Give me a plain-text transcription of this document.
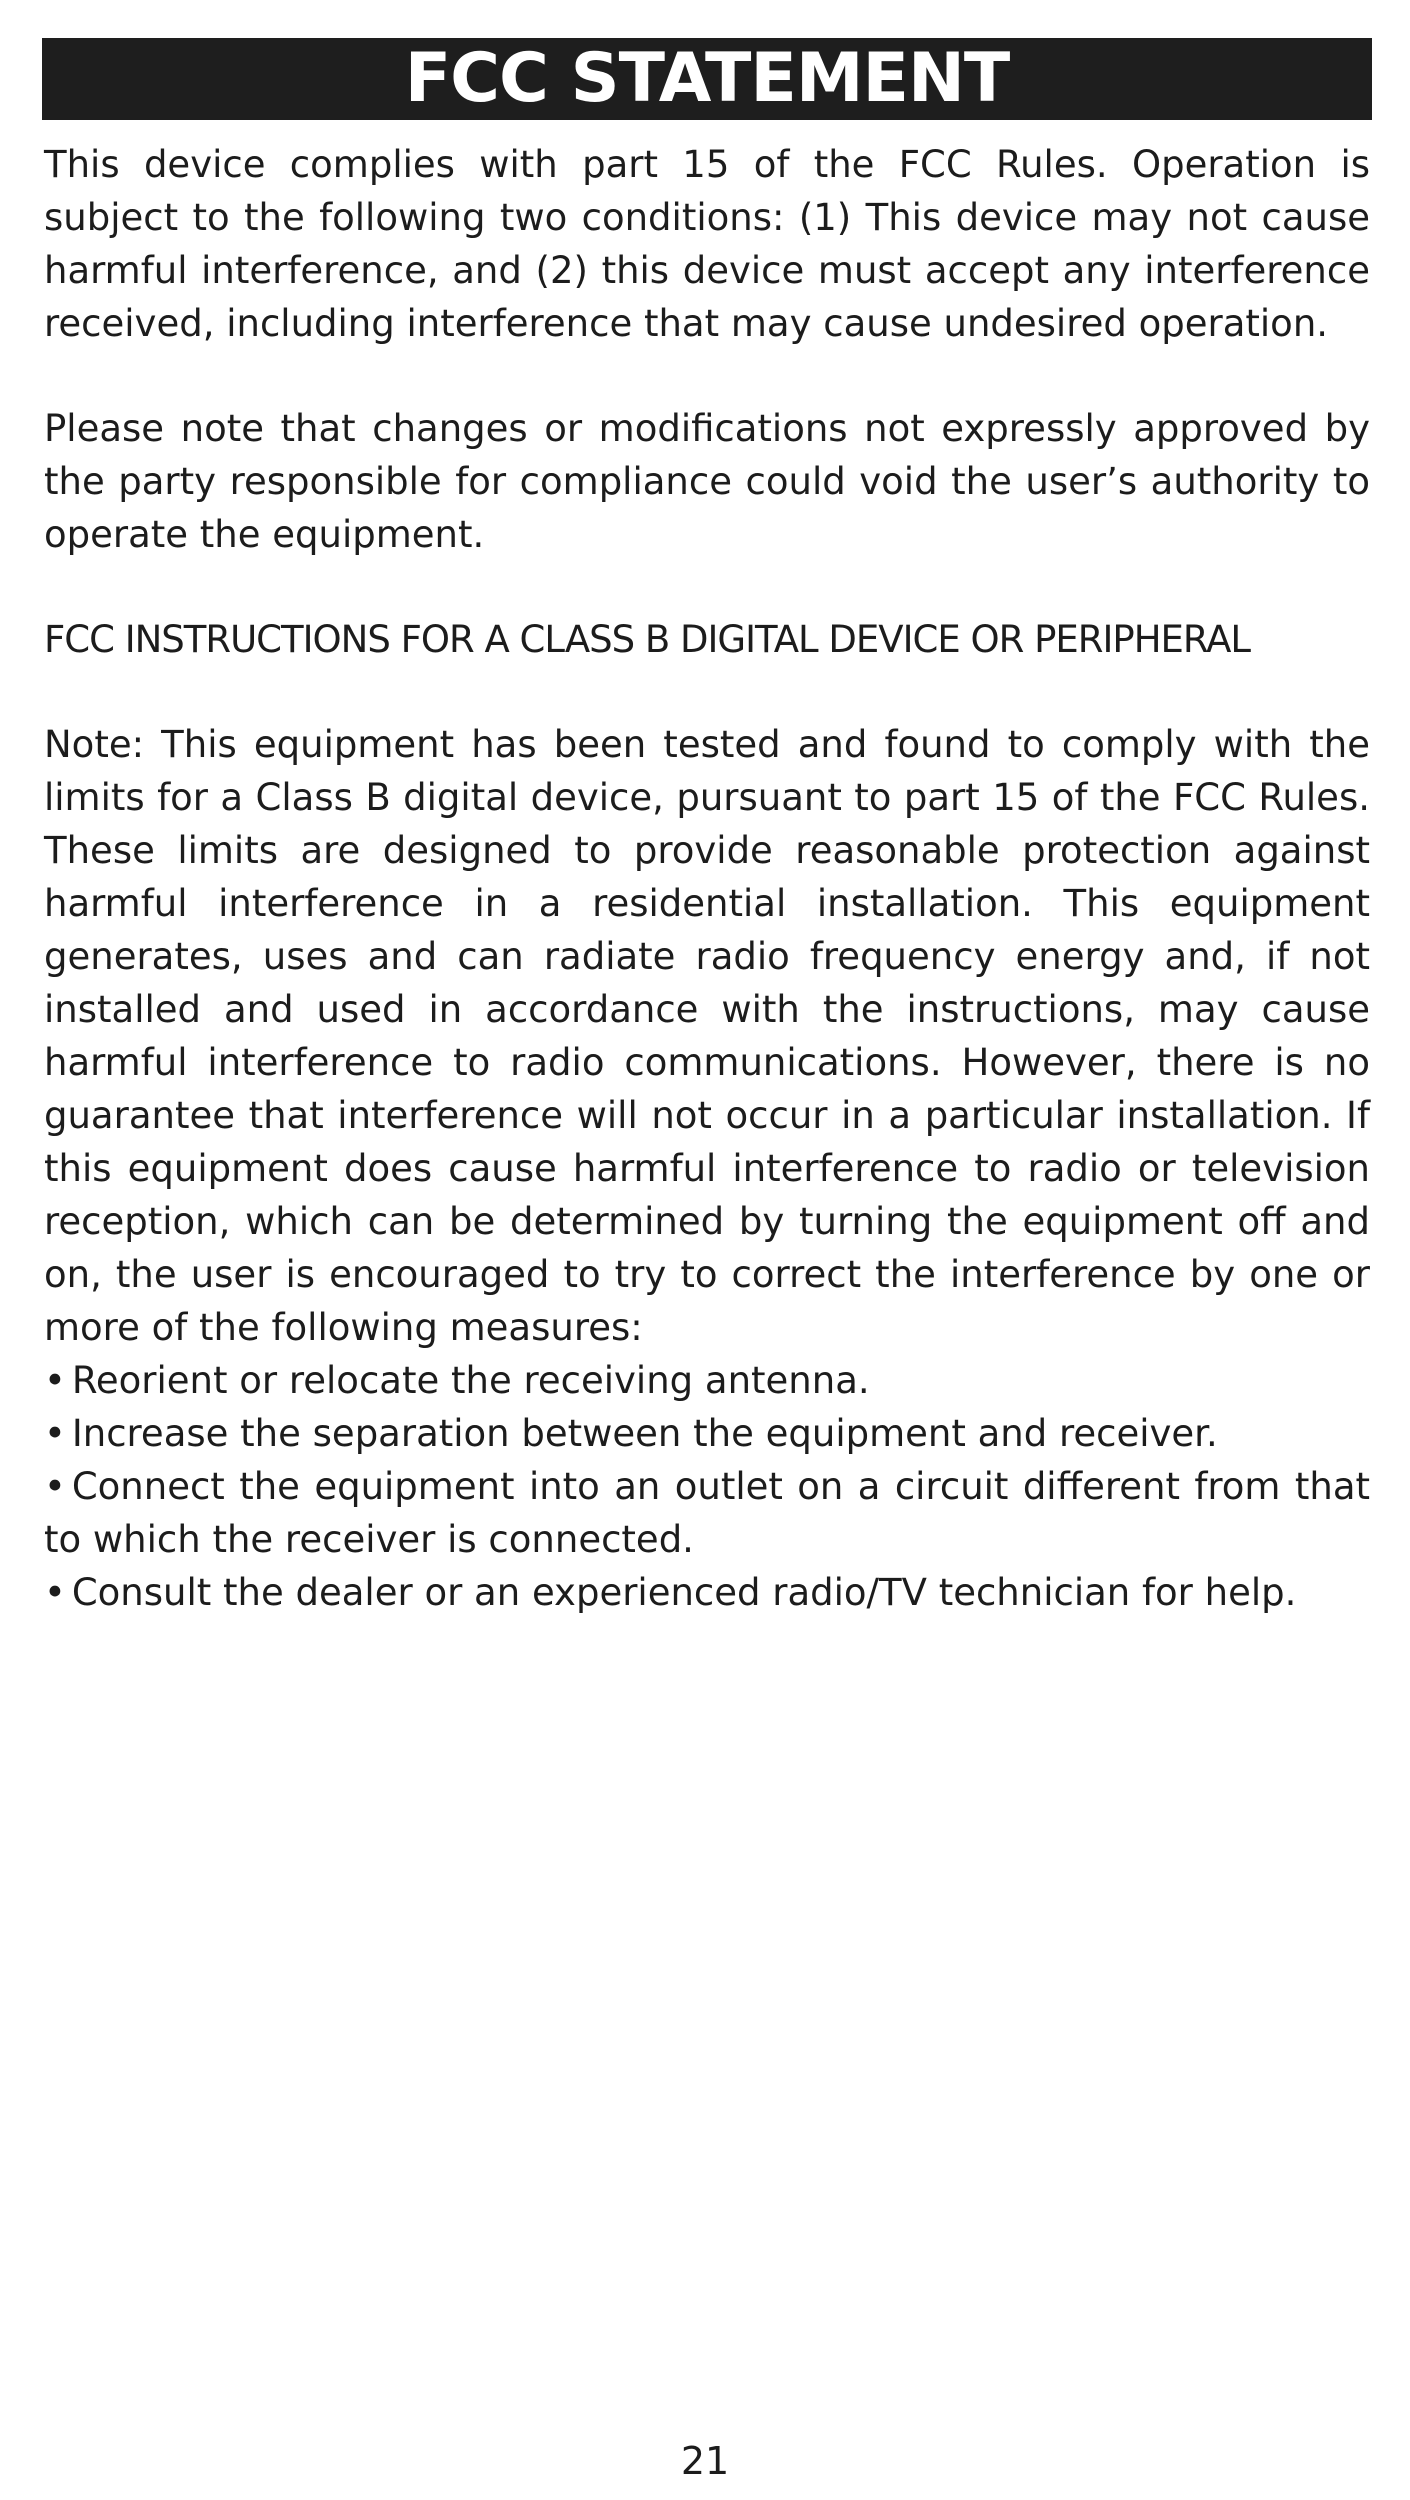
FCC STATEMENT

This device complies with part 15 of the FCC Rules. Operation is subject to the following two conditions: (1) This device may not cause harmful interference, and (2) this device must accept any interference received, including interference that may cause undesired operation.

Please note that changes or modifications not expressly approved by the party responsible for compliance could void the user’s authority to operate the equipment.

FCC INSTRUCTIONS FOR A CLASS B DIGITAL DEVICE OR PERIPHERAL

Note: This equipment has been tested and found to comply with the limits for a Class B digital device, pursuant to part 15 of the FCC Rules. These limits are designed to provide reasonable protection against harmful interference in a residential installation. This equipment generates, uses and can radiate radio frequency energy and, if not installed and used in accordance with the instructions, may cause harmful interference to radio communications. However, there is no guarantee that interference will not occur in a particular installation. If this equipment does cause harmful interference to radio or television reception, which can be determined by turning the equipment off and on, the user is encouraged to try to correct the interference by one or more of the following measures:

• Reorient or relocate the receiving antenna.
• Increase the separation between the equipment and receiver.
• Connect the equipment into an outlet on a circuit different from that to which the receiver is connected.
• Consult the dealer or an experienced radio/TV technician for help.
21
